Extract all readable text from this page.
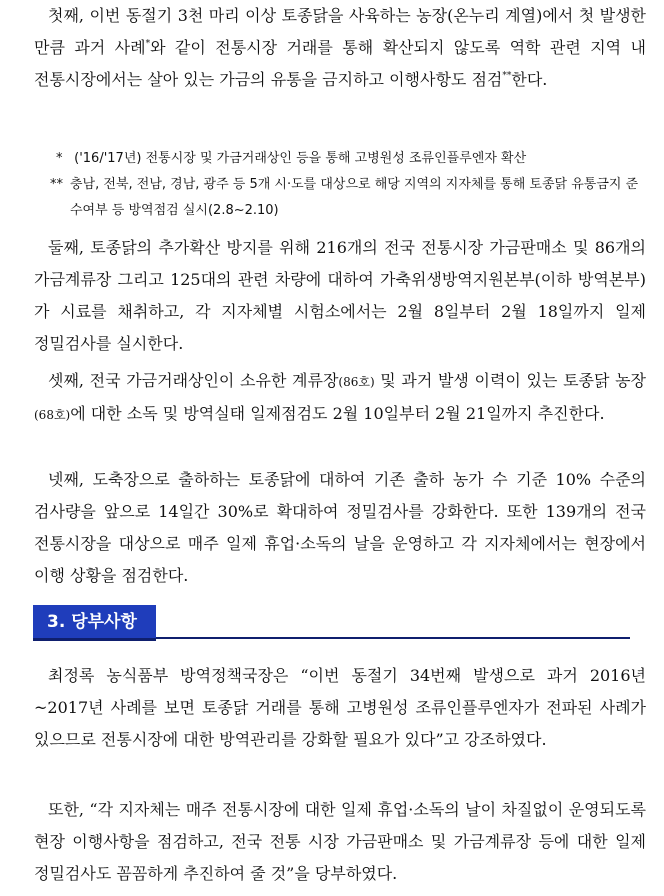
첫째, 이번 동절기 3천 마리 이상 토종닭을 사육하는 농장(온누리 계열)에서 첫 발생한 만큼 과거 사례*와 같이 전통시장 거래를 통해 확산되지 않도록 역학 관련 지역 내 전통시장에서는 살아 있는 가금의 유통을 금지하고 이행사항도 점검**한다.

* ('16/'17년) 전통시장 및 가금거래상인 등을 통해 고병원성 조류인플루엔자 확산
** 충남, 전북, 전남, 경남, 광주 등 5개 시·도를 대상으로 해당 지역의 지자체를 통해 토종닭 유통금지 준수여부 등 방역점검 실시(2.8~2.10)

둘째, 토종닭의 추가확산 방지를 위해 216개의 전국 전통시장 가금판매소 및 86개의 가금계류장 그리고 125대의 관련 차량에 대하여 가축위생방역지원본부(이하 방역본부)가 시료를 채취하고, 각 지자체별 시험소에서는 2월 8일부터 2월 18일까지 일제 정밀검사를 실시한다.

셋째, 전국 가금거래상인이 소유한 계류장(86호) 및 과거 발생 이력이 있는 토종닭 농장(68호)에 대한 소독 및 방역실태 일제점검도 2월 10일부터 2월 21일까지 추진한다.

넷째, 도축장으로 출하하는 토종닭에 대하여 기존 출하 농가 수 기준 10% 수준의 검사량을 앞으로 14일간 30%로 확대하여 정밀검사를 강화한다. 또한 139개의 전국 전통시장을 대상으로 매주 일제 휴업·소독의 날을 운영하고 각 지자체에서는 현장에서 이행 상황을 점검한다.

3. 당부사항

최정록 농식품부 방역정책국장은 “이번 동절기 34번째 발생으로 과거 2016년~2017년 사례를 보면 토종닭 거래를 통해 고병원성 조류인플루엔자가 전파된 사례가 있으므로 전통시장에 대한 방역관리를 강화할 필요가 있다”고 강조하였다.

또한, “각 지자체는 매주 전통시장에 대한 일제 휴업·소독의 날이 차질없이 운영되도록 현장 이행사항을 점검하고, 전국 전통 시장 가금판매소 및 가금계류장 등에 대한 일제 정밀검사도 꼼꼼하게 추진하여 줄 것”을 당부하였다.
